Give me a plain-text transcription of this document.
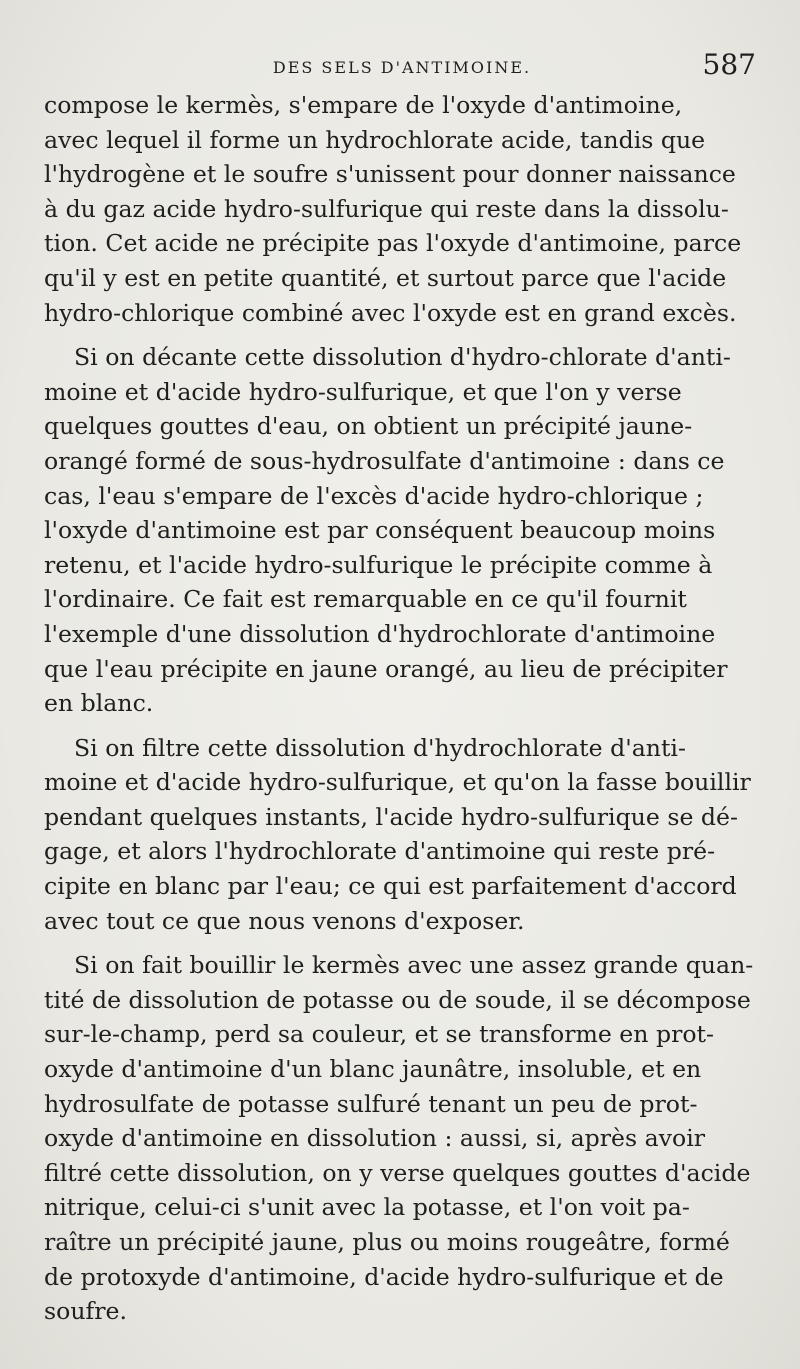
DES SELS D'ANTIMOINE.	587

compose le kermès, s'empare de l'oxyde d'antimoine,
avec lequel il forme un hydrochlorate acide, tandis que
l'hydrogène et le soufre s'unissent pour donner naissance
à du gaz acide hydro-sulfurique qui reste dans la dissolu-
tion. Cet acide ne précipite pas l'oxyde d'antimoine, parce
qu'il y est en petite quantité, et surtout parce que l'acide
hydro-chlorique combiné avec l'oxyde est en grand excès.

Si on décante cette dissolution d'hydro-chlorate d'anti-
moine et d'acide hydro-sulfurique, et que l'on y verse
quelques gouttes d'eau, on obtient un précipité jaune-
orangé formé de sous-hydrosulfate d'antimoine : dans ce
cas, l'eau s'empare de l'excès d'acide hydro-chlorique ;
l'oxyde d'antimoine est par conséquent beaucoup moins
retenu, et l'acide hydro-sulfurique le précipite comme à
l'ordinaire. Ce fait est remarquable en ce qu'il fournit
l'exemple d'une dissolution d'hydrochlorate d'antimoine
que l'eau précipite en jaune orangé, au lieu de précipiter
en blanc.

Si on filtre cette dissolution d'hydrochlorate d'anti-
moine et d'acide hydro-sulfurique, et qu'on la fasse bouillir
pendant quelques instants, l'acide hydro-sulfurique se dé-
gage, et alors l'hydrochlorate d'antimoine qui reste pré-
cipite en blanc par l'eau; ce qui est parfaitement d'accord
avec tout ce que nous venons d'exposer.

Si on fait bouillir le kermès avec une assez grande quan-
tité de dissolution de potasse ou de soude, il se décompose
sur-le-champ, perd sa couleur, et se transforme en prot-
oxyde d'antimoine d'un blanc jaunâtre, insoluble, et en
hydrosulfate de potasse sulfuré tenant un peu de prot-
oxyde d'antimoine en dissolution : aussi, si, après avoir
filtré cette dissolution, on y verse quelques gouttes d'acide
nitrique, celui-ci s'unit avec la potasse, et l'on voit pa-
raître un précipité jaune, plus ou moins rougeâtre, formé
de protoxyde d'antimoine, d'acide hydro-sulfurique et de
soufre.
